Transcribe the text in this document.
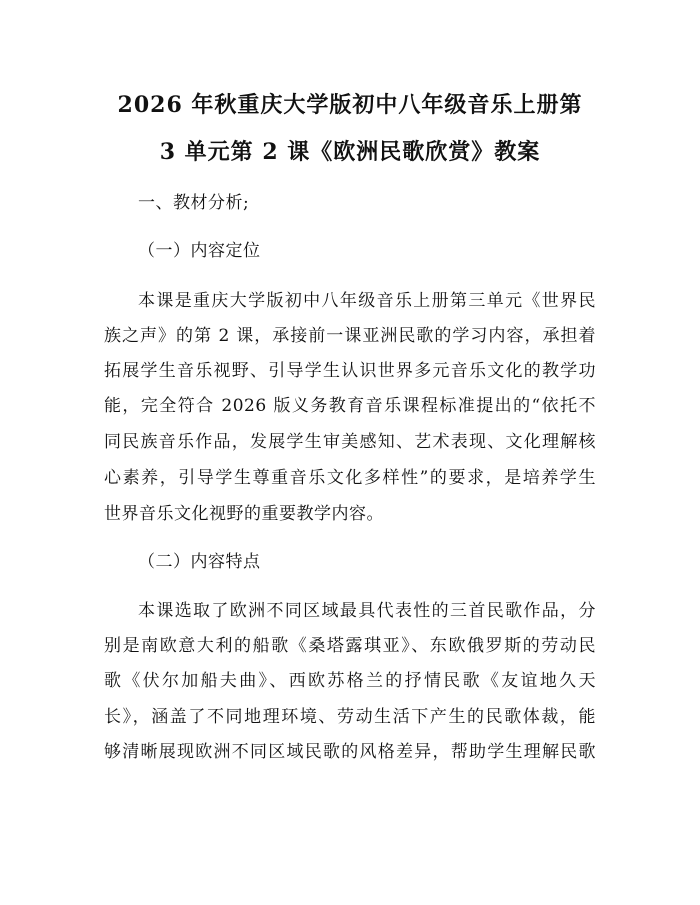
2026 年秋重庆大学版初中八年级音乐上册第
3 单元第 2 课《欧洲民歌欣赏》教案
一、教材分析;
（一）内容定位
本课是重庆大学版初中八年级音乐上册第三单元《世界民
族之声》的第 2 课，承接前一课亚洲民歌的学习内容，承担着
拓展学生音乐视野、引导学生认识世界多元音乐文化的教学功
能，完全符合 2026 版义务教育音乐课程标准提出的“依托不
同民族音乐作品，发展学生审美感知、艺术表现、文化理解核
心素养，引导学生尊重音乐文化多样性”的要求，是培养学生
世界音乐文化视野的重要教学内容。
（二）内容特点
本课选取了欧洲不同区域最具代表性的三首民歌作品，分
别是南欧意大利的船歌《桑塔露琪亚》、东欧俄罗斯的劳动民
歌《伏尔加船夫曲》、西欧苏格兰的抒情民歌《友谊地久天
长》，涵盖了不同地理环境、劳动生活下产生的民歌体裁，能
够清晰展现欧洲不同区域民歌的风格差异，帮助学生理解民歌
